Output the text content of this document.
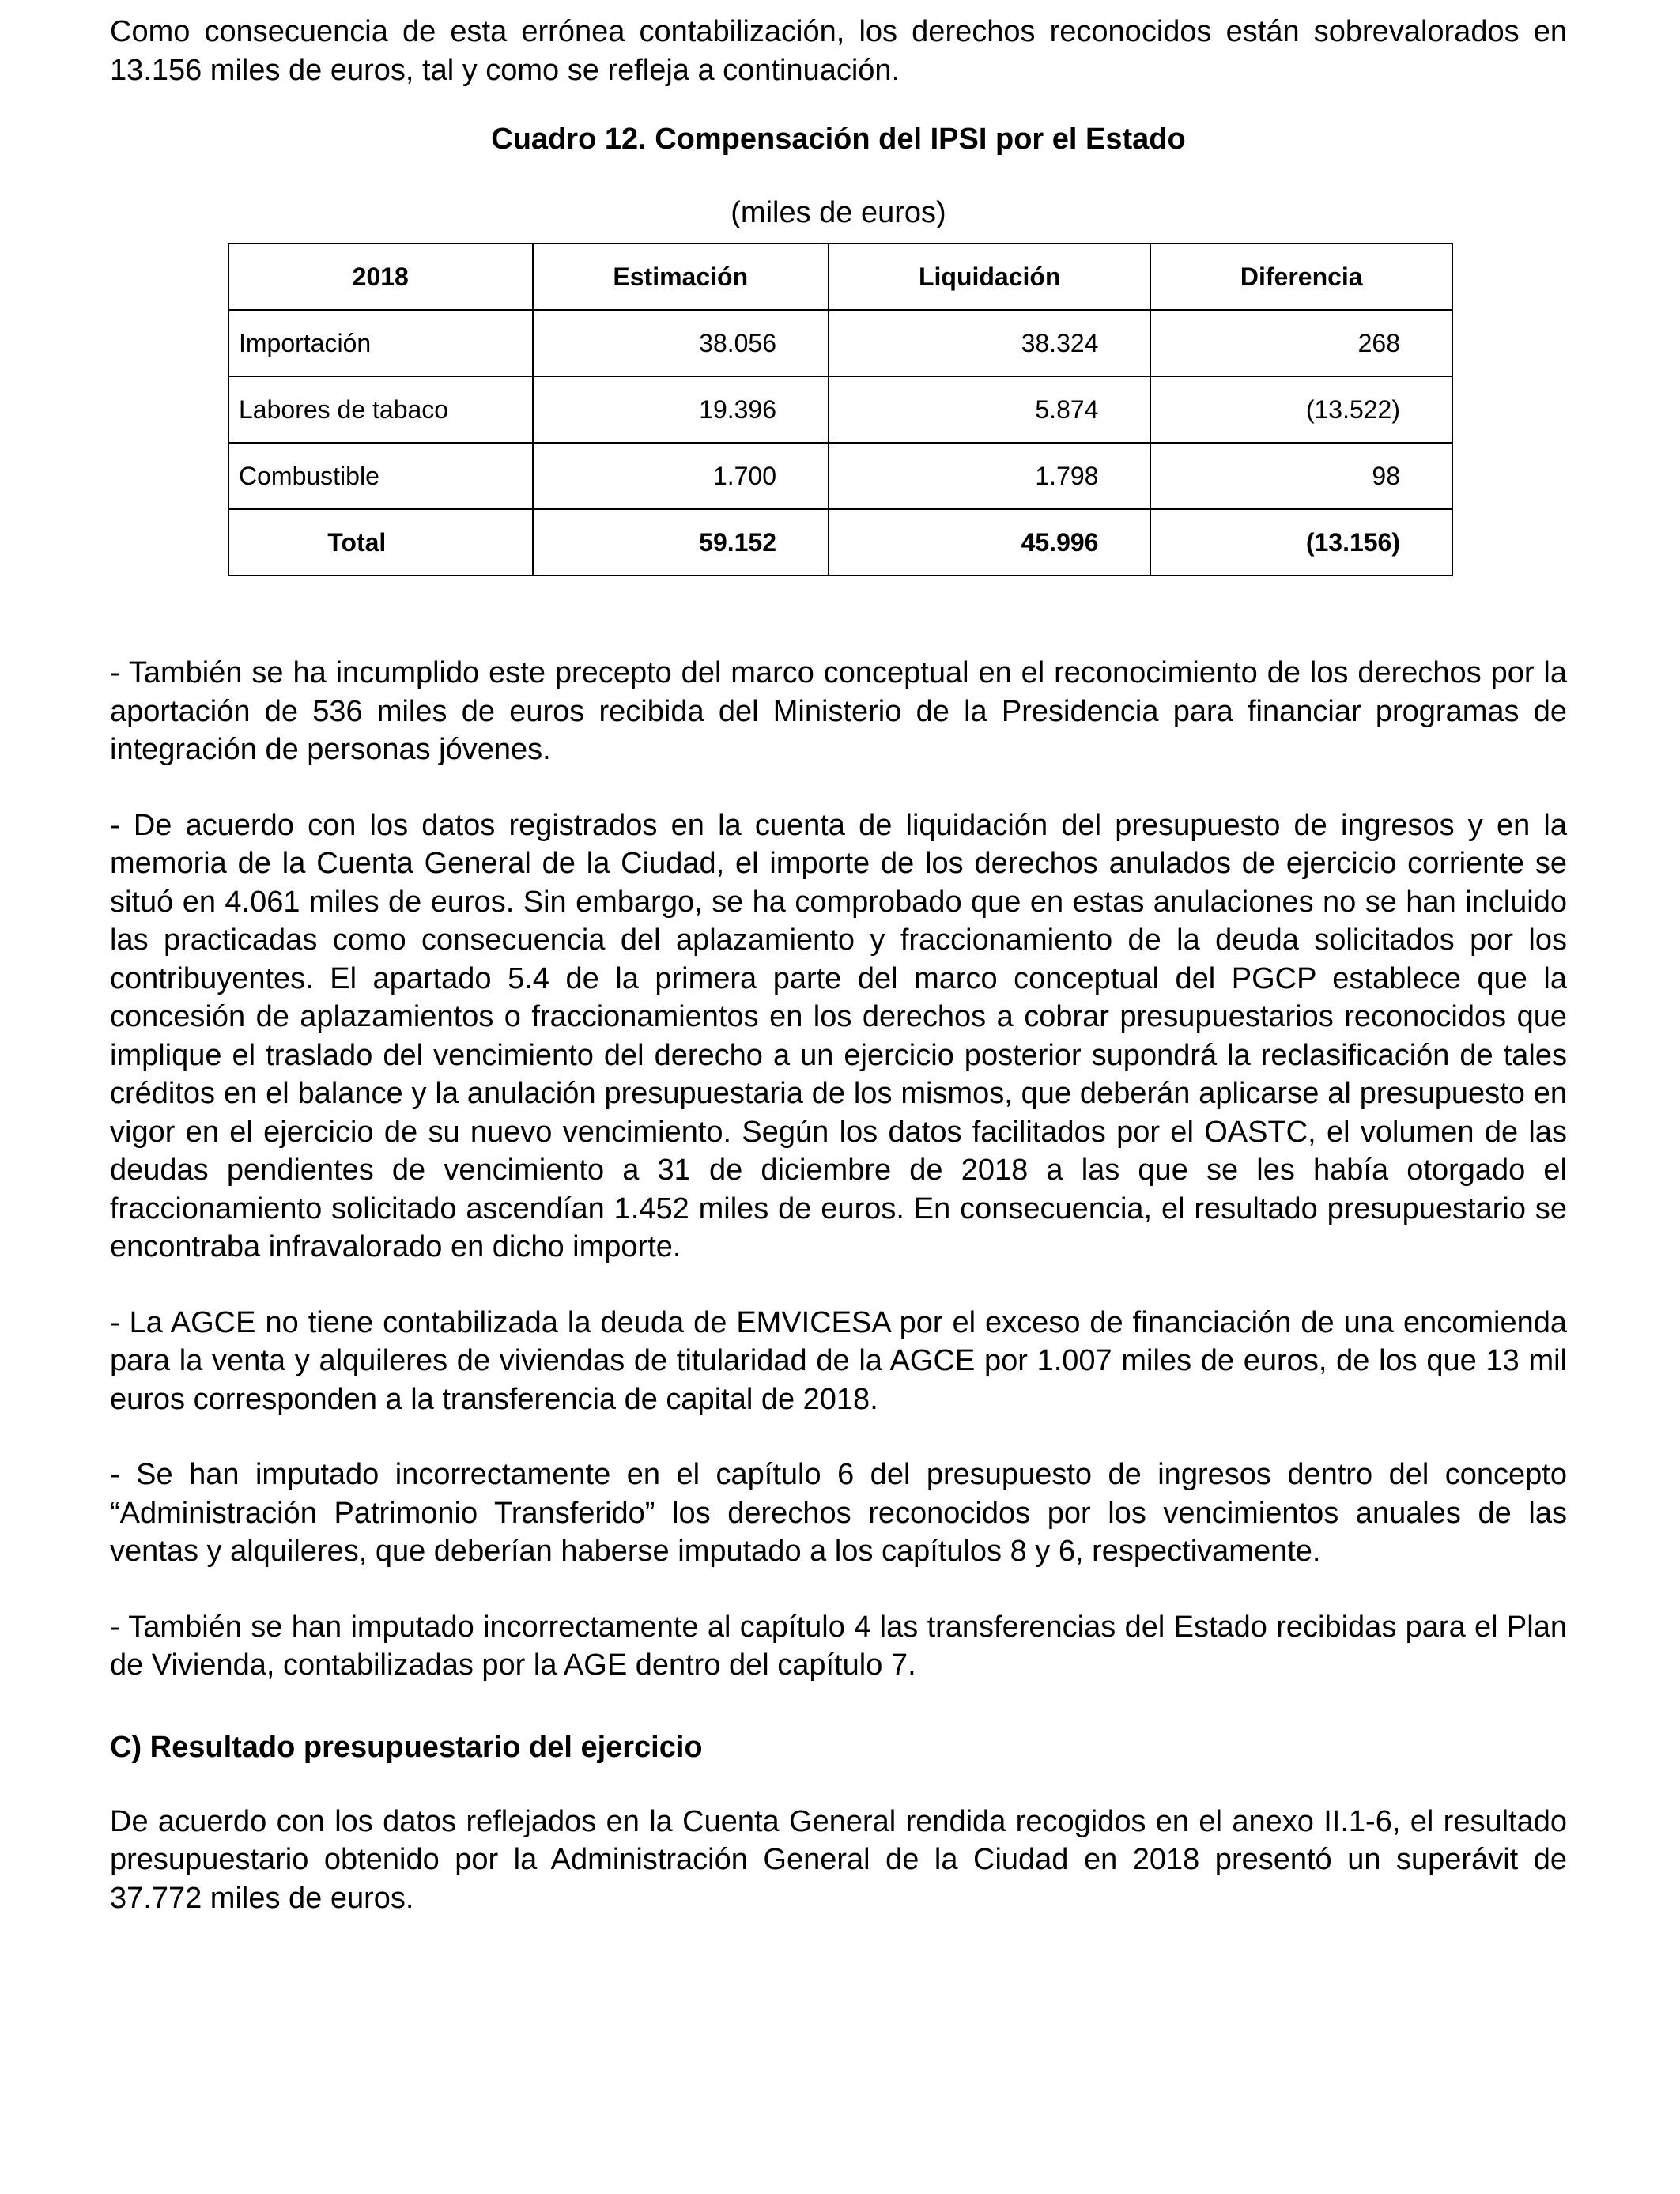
Como consecuencia de esta errónea contabilización, los derechos reconocidos están sobrevalorados en 13.156 miles de euros, tal y como se refleja a continuación.

Cuadro 12. Compensación del IPSI por el Estado
(miles de euros)
2018	Estimación	Liquidación	Diferencia
Importación	38.056	38.324	268
Labores de tabaco	19.396	5.874	(13.522)
Combustible	1.700	1.798	98
Total	59.152	45.996	(13.156)

- También se ha incumplido este precepto del marco conceptual en el reconocimiento de los derechos por la aportación de 536 miles de euros recibida del Ministerio de la Presidencia para financiar programas de integración de personas jóvenes.

- De acuerdo con los datos registrados en la cuenta de liquidación del presupuesto de ingresos y en la memoria de la Cuenta General de la Ciudad, el importe de los derechos anulados de ejercicio corriente se situó en 4.061 miles de euros. Sin embargo, se ha comprobado que en estas anulaciones no se han incluido las practicadas como consecuencia del aplazamiento y fraccionamiento de la deuda solicitados por los contribuyentes. El apartado 5.4 de la primera parte del marco conceptual del PGCP establece que la concesión de aplazamientos o fraccionamientos en los derechos a cobrar presupuestarios reconocidos que implique el traslado del vencimiento del derecho a un ejercicio posterior supondrá la reclasificación de tales créditos en el balance y la anulación presupuestaria de los mismos, que deberán aplicarse al presupuesto en vigor en el ejercicio de su nuevo vencimiento. Según los datos facilitados por el OASTC, el volumen de las deudas pendientes de vencimiento a 31 de diciembre de 2018 a las que se les había otorgado el fraccionamiento solicitado ascendían 1.452 miles de euros. En consecuencia, el resultado presupuestario se encontraba infravalorado en dicho importe.

- La AGCE no tiene contabilizada la deuda de EMVICESA por el exceso de financiación de una encomienda para la venta y alquileres de viviendas de titularidad de la AGCE por 1.007 miles de euros, de los que 13 mil euros corresponden a la transferencia de capital de 2018.

- Se han imputado incorrectamente en el capítulo 6 del presupuesto de ingresos dentro del concepto “Administración Patrimonio Transferido” los derechos reconocidos por los vencimientos anuales de las ventas y alquileres, que deberían haberse imputado a los capítulos 8 y 6, respectivamente.

- También se han imputado incorrectamente al capítulo 4 las transferencias del Estado recibidas para el Plan de Vivienda, contabilizadas por la AGE dentro del capítulo 7.

C) Resultado presupuestario del ejercicio

De acuerdo con los datos reflejados en la Cuenta General rendida recogidos en el anexo II.1-6, el resultado presupuestario obtenido por la Administración General de la Ciudad en 2018 presentó un superávit de 37.772 miles de euros.
